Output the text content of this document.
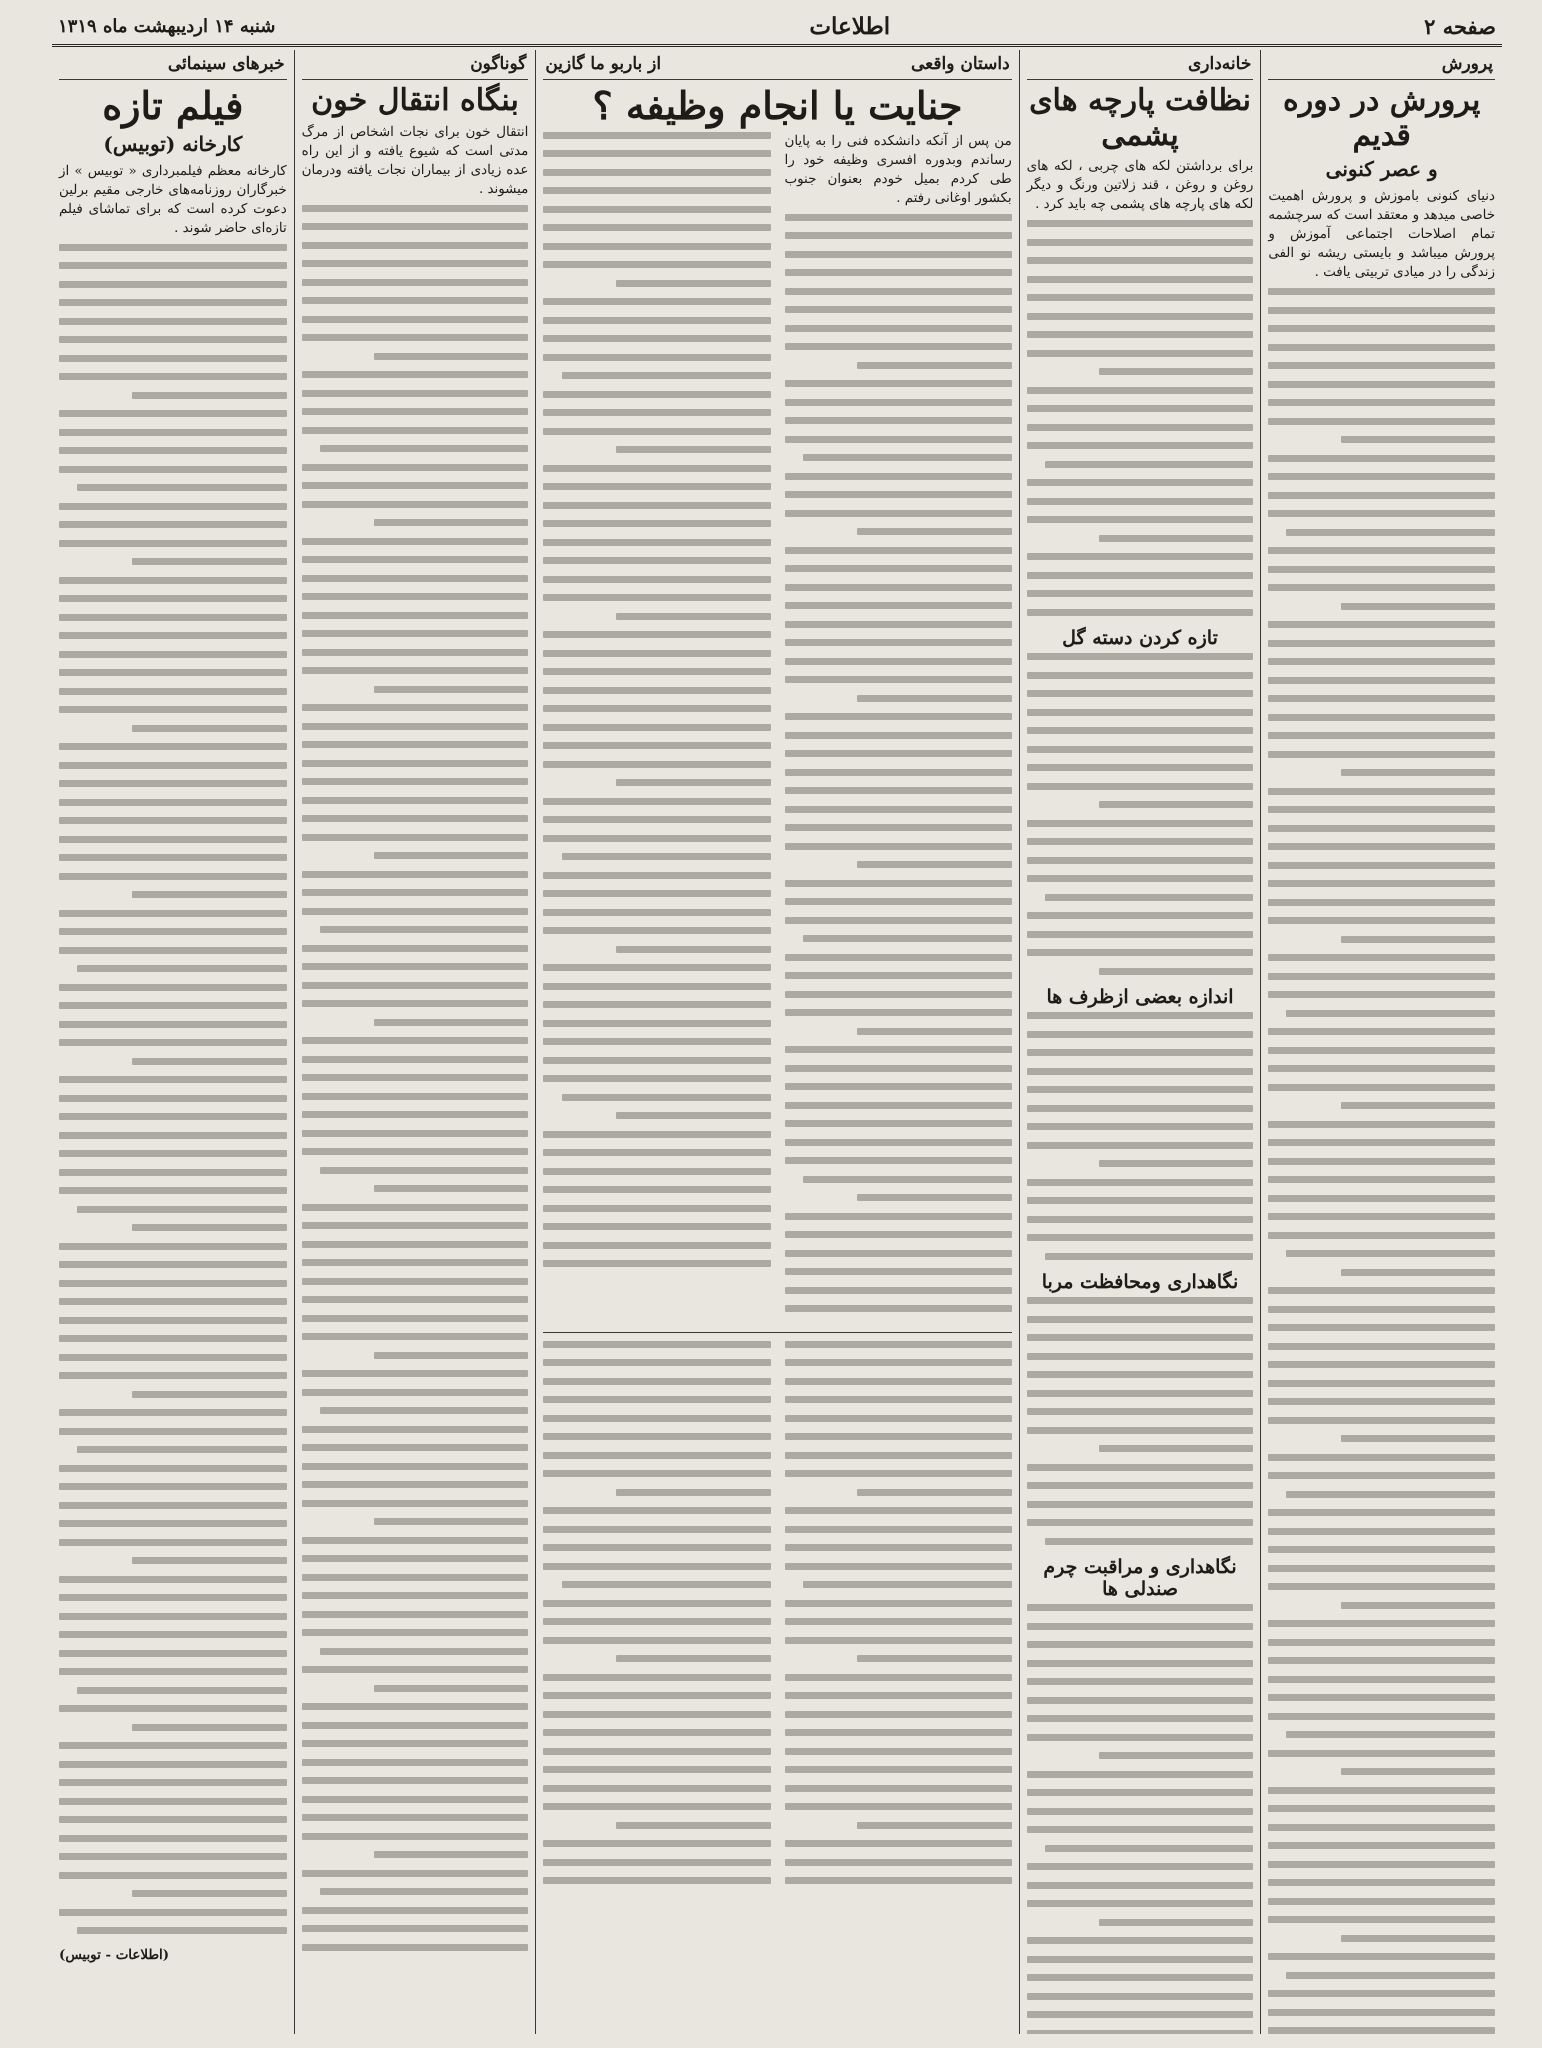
صفحه ۲
اطلاعات
شنبه ۱۴ اردیبهشت ماه ۱۳۱۹
پرورش
پرورش در دوره قدیم
و عصر کنونی

دنیای کنونی باموزش و پرورش اهمیت خاصی میدهد و معتقد است که سرچشمه تمام اصلاحات اجتماعی آموزش و پرورش میباشد و بایستی ریشه نو الفی زندگی را در میادی تربیتی یافت .

خانه‌داری
نظافت پارچه های پشمی

برای برداشتن لکه های چربی ، لکه های روغن و روغن ، قند زلاتین ورنگ و دیگر لکه های پارچه های پشمی چه باید کرد .

تازه کردن دسته گل
اندازه بعضی ازظرف ها
نگاهداری ومحافظت مربا
نگاهداری و مراقبت چرم صندلی ها
داستان واقعی
از باربو ما گازین
جنایت یا انجام وظیفه ؟

من پس از آنکه دانشکده فنی را به پایان رساندم وبدوره افسری وظیفه خود را طی کردم بمیل خودم بعنوان جنوب بکشور اوغانی رفتم .

گوناگون
بنگاه انتقال خون

انتقال خون برای نجات اشخاص از مرگ مدتی است که شیوع یافته و از این راه عده زیادی از بیماران نجات یافته ودرمان میشوند .

خبرهای سینمائی
فیلم تازه
کارخانه (توبیس)

کارخانه معظم فیلمبرداری « توبیس » از خبرگاران روزنامه‌های خارجی مقیم برلین دعوت کرده است که برای تماشای فیلم تازه‌ای حاضر شوند .

(اطلاعات - توبیس)
